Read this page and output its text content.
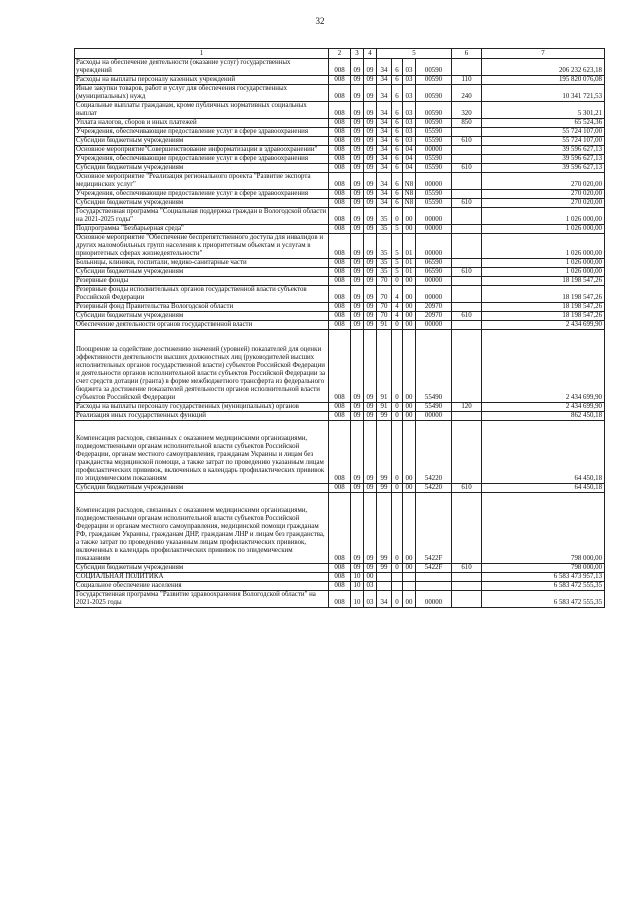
32
1	2	3	4	5				6	7
Расходы на обеспечение деятельности (оказание услуг) государственных учреждений	008	09	09	34	6	03	00590		206 232 623,18
Расходы на выплаты персоналу казенных учреждений	008	09	09	34	6	03	00590	110	195 820 076,08
Иные закупки товаров, работ и услуг для обеспечения государственных (муниципальных) нужд	008	09	09	34	6	03	00590	240	10 341 721,53
Социальные выплаты гражданам, кроме публичных нормативных социальных выплат	008	09	09	34	6	03	00590	320	5 301,21
Уплата налогов, сборов и иных платежей	008	09	09	34	6	03	00590	850	65 524,36
Учреждения, обеспечивающие предоставление услуг в сфере здравоохранения	008	09	09	34	6	03	05590		55 724 107,00
Субсидии бюджетным учреждениям	008	09	09	34	6	03	05590	610	55 724 107,00
Основное мероприятие"Совершенствование информатизации в здравоохранении"	008	09	09	34	6	04	00000		39 596 627,13
Учреждения, обеспечивающие предоставление услуг в сфере здравоохранения	008	09	09	34	6	04	05590		39 596 627,13
Субсидии бюджетным учреждениям	008	09	09	34	6	04	05590	610	39 596 627,13
Основное мероприятие "Реализация регионального проекта "Развитие экспорта медицинских услуг"	008	09	09	34	6	N8	00000		270 020,00
Учреждения, обеспечивающие предоставление услуг в сфере здравоохранения	008	09	09	34	6	N8	05590		270 020,00
Субсидии бюджетным учреждениям	008	09	09	34	6	N8	05590	610	270 020,00
Государственная программа "Социальная поддержка граждан в Вологодской области на 2021-2025 годы"	008	09	09	35	0	00	00000		1 026 000,00
Подпрограмма "Безбарьерная среда"	008	09	09	35	5	00	00000		1 026 000,00
Основное мероприятие "Обеспечение беспрепятственного доступа для инвалидов и других маломобильных групп населения к приоритетным объектам и услугам в приоритетных сферах жизнедеятельности"	008	09	09	35	5	01	00000		1 026 000,00
Больницы, клиники, госпитали, медико-санитарные части	008	09	09	35	5	01	06590		1 026 000,00
Субсидии бюджетным учреждениям	008	09	09	35	5	01	06590	610	1 026 000,00
Резервные фонды	008	09	09	70	0	00	00000		18 198 547,26
Резервные фонды исполнительных органов государственной власти субъектов Российской Федерации	008	09	09	70	4	00	00000		18 198 547,26
Резервный фонд Правительства Вологодской области	008	09	09	70	4	00	20970		18 198 547,26
Субсидии бюджетным учреждениям	008	09	09	70	4	00	20970	610	18 198 547,26
Обеспечение деятельности органов государственной власти	008	09	09	91	0	00	00000		2 434 699,90
Поощрение за содействие достижению значений (уровней) показателей для оценки эффективности деятельности высших должностных лиц (руководителей высших исполнительных органов государственной власти) субъектов Российской Федерации и деятельности органов исполнительной власти субъектов Российской Федерации за счет средств дотации (гранта) в форме межбюджетного трансферта из федерального бюджета за достижение показателей деятельности органов исполнительной власти субъектов Российской Федерации	008	09	09	91	0	00	55490		2 434 699,90
Расходы на выплаты персоналу государственных (муниципальных) органов	008	09	09	91	0	00	55490	120	2 434 699,90
Реализация иных государственных функций	008	09	09	99	0	00	00000		862 450,18
Компенсация расходов, связанных с оказанием медицинскими организациями, подведомственными органам исполнительной власти субъектов Российской Федерации, органам местного самоуправления, гражданам Украины и лицам без гражданства медицинской помощи, а также затрат по проведению указанным лицам профилактических прививок, включенных в календарь профилактических прививок по эпидемическим показаниям	008	09	09	99	0	00	54220		64 450,18
Субсидии бюджетным учреждениям	008	09	09	99	0	00	54220	610	64 450,18
Компенсация расходов, связанных с оказанием медицинскими организациями, подведомственными органам исполнительной власти субъектов Российской Федерации и органам местного самоуправления, медицинской помощи гражданам РФ, гражданам Украины, гражданам ДНР, гражданам ЛНР и лицам без гражданства, а также затрат по проведению указанным лицам профилактических прививок, включенных в календарь профилактических прививок по эпидемическим показаниям	008	09	09	99	0	00	5422F		798 000,00
Субсидии бюджетным учреждениям	008	09	09	99	0	00	5422F	610	798 000,00
СОЦИАЛЬНАЯ ПОЛИТИКА	008	10	00						6 583 473 957,13
Социальное обеспечение населения	008	10	03						6 583 472 555,35
Государственная программа "Развитие здравоохранения Вологодской области" на 2021-2025 годы	008	10	03	34	0	00	00000		6 583 472 555,35
